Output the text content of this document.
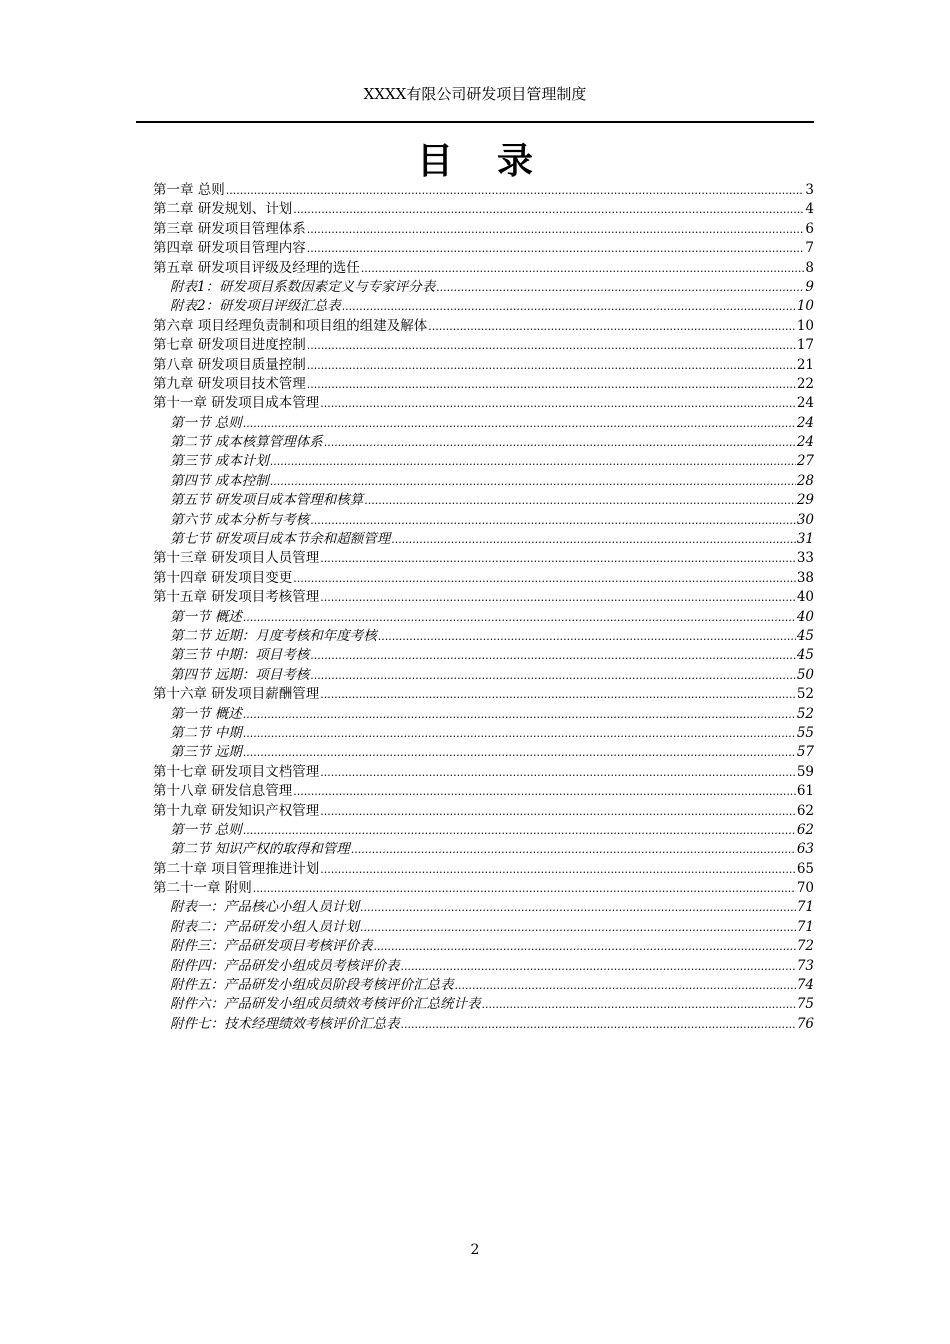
XXXX有限公司研发项目管理制度
目录
第一章 总则 .....	3
第二章 研发规划、计划 .....	4
第三章 研发项目管理体系 .....	6
第四章 研发项目管理内容 .....	7
第五章 研发项目评级及经理的选任 .....	8
附表1：研发项目系数因素定义与专家评分表 .....	9
附表2：研发项目评级汇总表 .....	10
第六章 项目经理负责制和项目组的组建及解体 .....	10
第七章 研发项目进度控制 .....	17
第八章 研发项目质量控制 .....	21
第九章 研发项目技术管理 .....	22
第十一章 研发项目成本管理 .....	24
第一节 总则 .....	24
第二节 成本核算管理体系 .....	24
第三节 成本计划 .....	27
第四节 成本控制 .....	28
第五节 研发项目成本管理和核算 .....	29
第六节 成本分析与考核 .....	30
第七节 研发项目成本节余和超额管理 .....	31
第十三章 研发项目人员管理 .....	33
第十四章 研发项目变更 .....	38
第十五章 研发项目考核管理 .....	40
第一节 概述 .....	40
第二节 近期：月度考核和年度考核 .....	45
第三节 中期：项目考核 .....	45
第四节 远期：项目考核 .....	50
第十六章 研发项目薪酬管理 .....	52
第一节 概述 .....	52
第二节 中期 .....	55
第三节 远期 .....	57
第十七章 研发项目文档管理 .....	59
第十八章 研发信息管理 .....	61
第十九章 研发知识产权管理 .....	62
第一节 总则 .....	62
第二节 知识产权的取得和管理 .....	63
第二十章 项目管理推进计划 .....	65
第二十一章 附则 .....	70
附表一：产品核心小组人员计划 .....	71
附表二：产品研发小组人员计划 .....	71
附件三：产品研发项目考核评价表 .....	72
附件四：产品研发小组成员考核评价表 .....	73
附件五：产品研发小组成员阶段考核评价汇总表 .....	74
附件六：产品研发小组成员绩效考核评价汇总统计表 .....	75
附件七：技术经理绩效考核评价汇总表 .....	76
2
